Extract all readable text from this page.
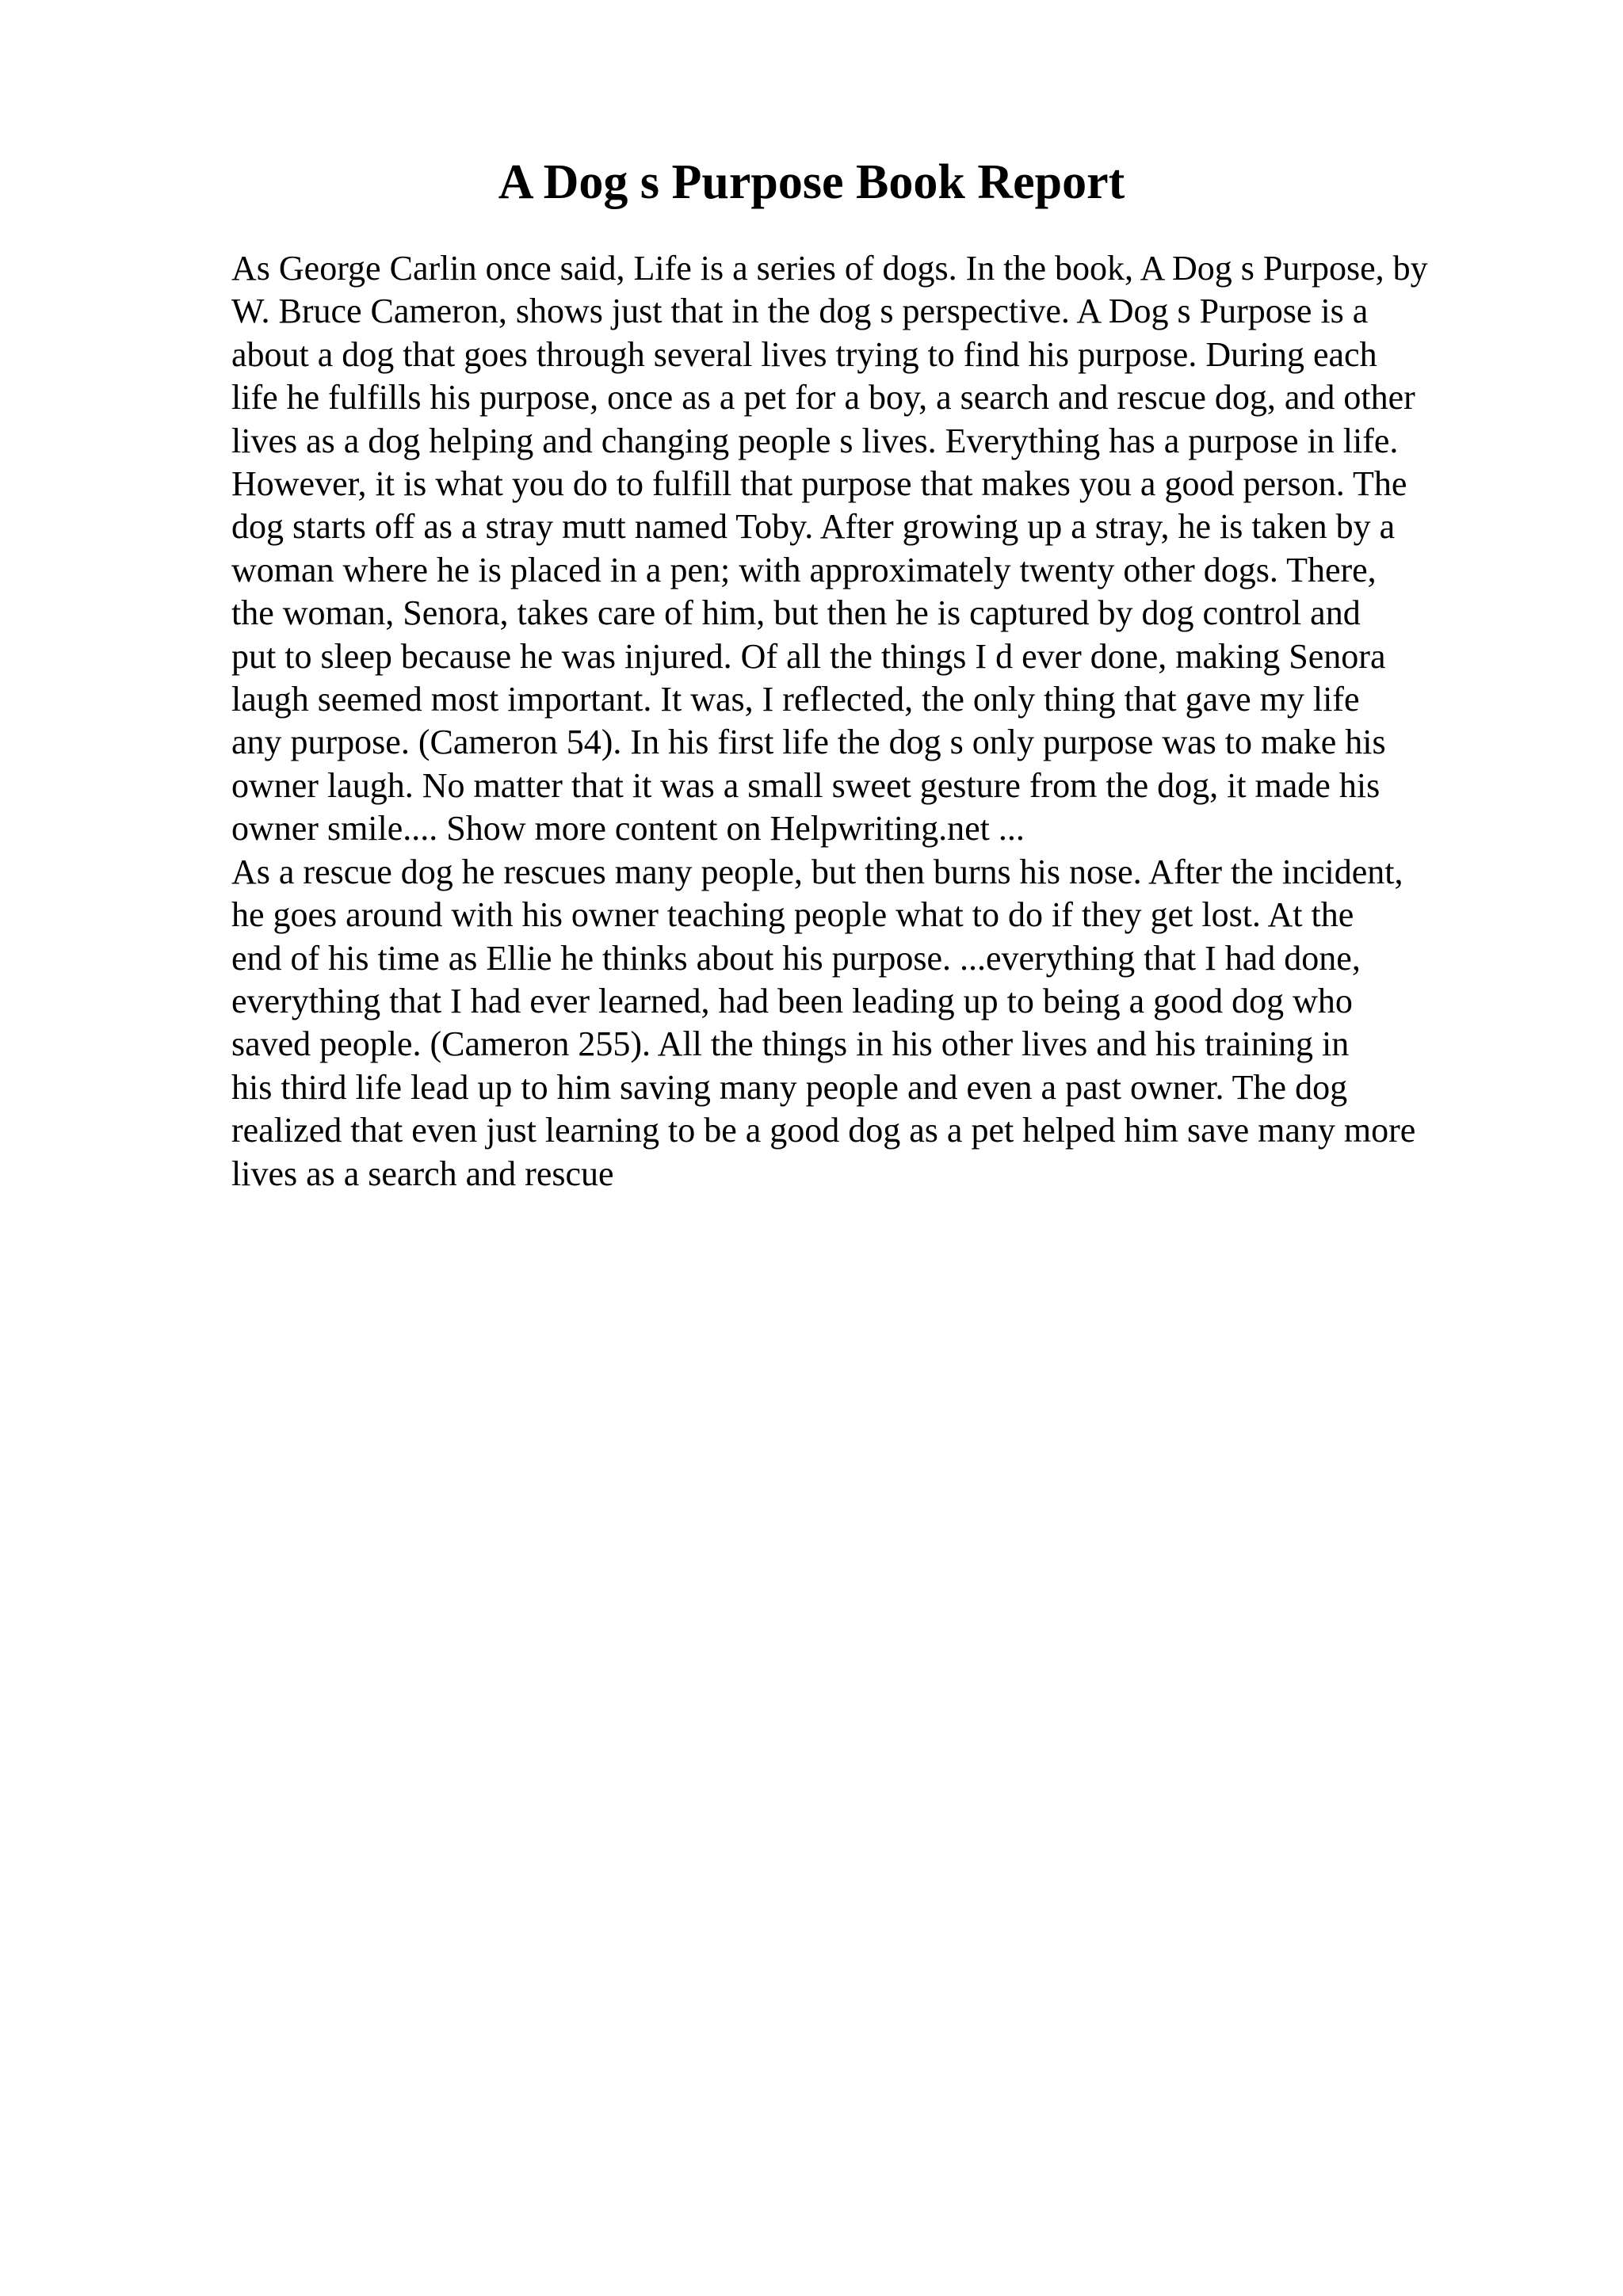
A Dog s Purpose Book Report
As George Carlin once said, Life is a series of dogs. In the book, A Dog s Purpose, by
W. Bruce Cameron, shows just that in the dog s perspective. A Dog s Purpose is a
about a dog that goes through several lives trying to find his purpose. During each
life he fulfills his purpose, once as a pet for a boy, a search and rescue dog, and other
lives as a dog helping and changing people s lives. Everything has a purpose in life.
However, it is what you do to fulfill that purpose that makes you a good person. The
dog starts off as a stray mutt named Toby. After growing up a stray, he is taken by a
woman where he is placed in a pen; with approximately twenty other dogs. There,
the woman, Senora, takes care of him, but then he is captured by dog control and
put to sleep because he was injured. Of all the things I d ever done, making Senora
laugh seemed most important. It was, I reflected, the only thing that gave my life
any purpose. (Cameron 54). In his first life the dog s only purpose was to make his
owner laugh. No matter that it was a small sweet gesture from the dog, it made his
owner smile.... Show more content on Helpwriting.net ...
As a rescue dog he rescues many people, but then burns his nose. After the incident,
he goes around with his owner teaching people what to do if they get lost. At the
end of his time as Ellie he thinks about his purpose. ...everything that I had done,
everything that I had ever learned, had been leading up to being a good dog who
saved people. (Cameron 255). All the things in his other lives and his training in
his third life lead up to him saving many people and even a past owner. The dog
realized that even just learning to be a good dog as a pet helped him save many more
lives as a search and rescue
